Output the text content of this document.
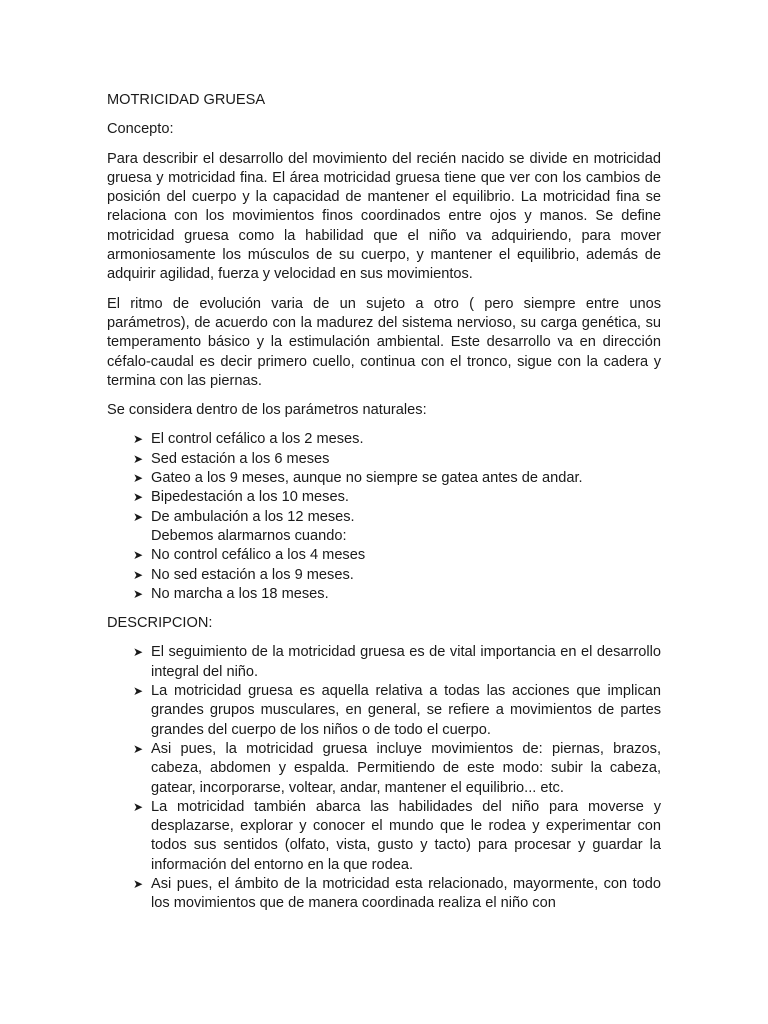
MOTRICIDAD GRUESA

Concepto:

Para describir el desarrollo del movimiento del recién nacido se divide en motricidad gruesa y motricidad fina. El área motricidad gruesa tiene que ver con los cambios de posición del cuerpo y la capacidad de mantener el equilibrio. La motricidad fina se relaciona con los movimientos finos coordinados entre ojos y manos. Se define motricidad gruesa como la habilidad que el niño va adquiriendo, para mover armoniosamente los músculos de su cuerpo, y mantener el equilibrio, además de adquirir agilidad, fuerza y velocidad en sus movimientos.

El ritmo de evolución varia de un sujeto a otro ( pero siempre entre unos parámetros), de acuerdo con la madurez del sistema nervioso, su carga genética, su temperamento básico y la estimulación ambiental. Este desarrollo va en dirección céfalo-caudal es decir primero cuello, continua con el tronco, sigue con la cadera y termina con las piernas.

Se considera dentro de los parámetros naturales:

➤ El control cefálico a los 2 meses.
➤ Sed estación a los 6 meses
➤ Gateo a los 9 meses, aunque no siempre se gatea antes de andar.
➤ Bipedestación a los 10 meses.
➤ De ambulación a los 12 meses.
Debemos alarmarnos cuando:
➤ No control cefálico a los 4 meses
➤ No sed estación a los 9 meses.
➤ No marcha a los 18 meses.

DESCRIPCION:

➤ El seguimiento de la motricidad gruesa es de vital importancia en el desarrollo integral del niño.
➤ La motricidad gruesa es aquella relativa a todas las acciones que implican grandes grupos musculares, en general, se refiere a movimientos de partes grandes del cuerpo de los niños o de todo el cuerpo.
➤ Asi pues, la motricidad gruesa incluye movimientos de: piernas, brazos, cabeza, abdomen y espalda. Permitiendo de este modo: subir la cabeza, gatear, incorporarse, voltear, andar, mantener el equilibrio... etc.
➤ La motricidad también abarca las habilidades del niño para moverse y desplazarse, explorar y conocer el mundo que le rodea y experimentar con todos sus sentidos (olfato, vista, gusto y tacto) para procesar y guardar la información del entorno en la que rodea.
➤ Asi pues, el ámbito de la motricidad esta relacionado, mayormente, con todo los movimientos que de manera coordinada realiza el niño con
